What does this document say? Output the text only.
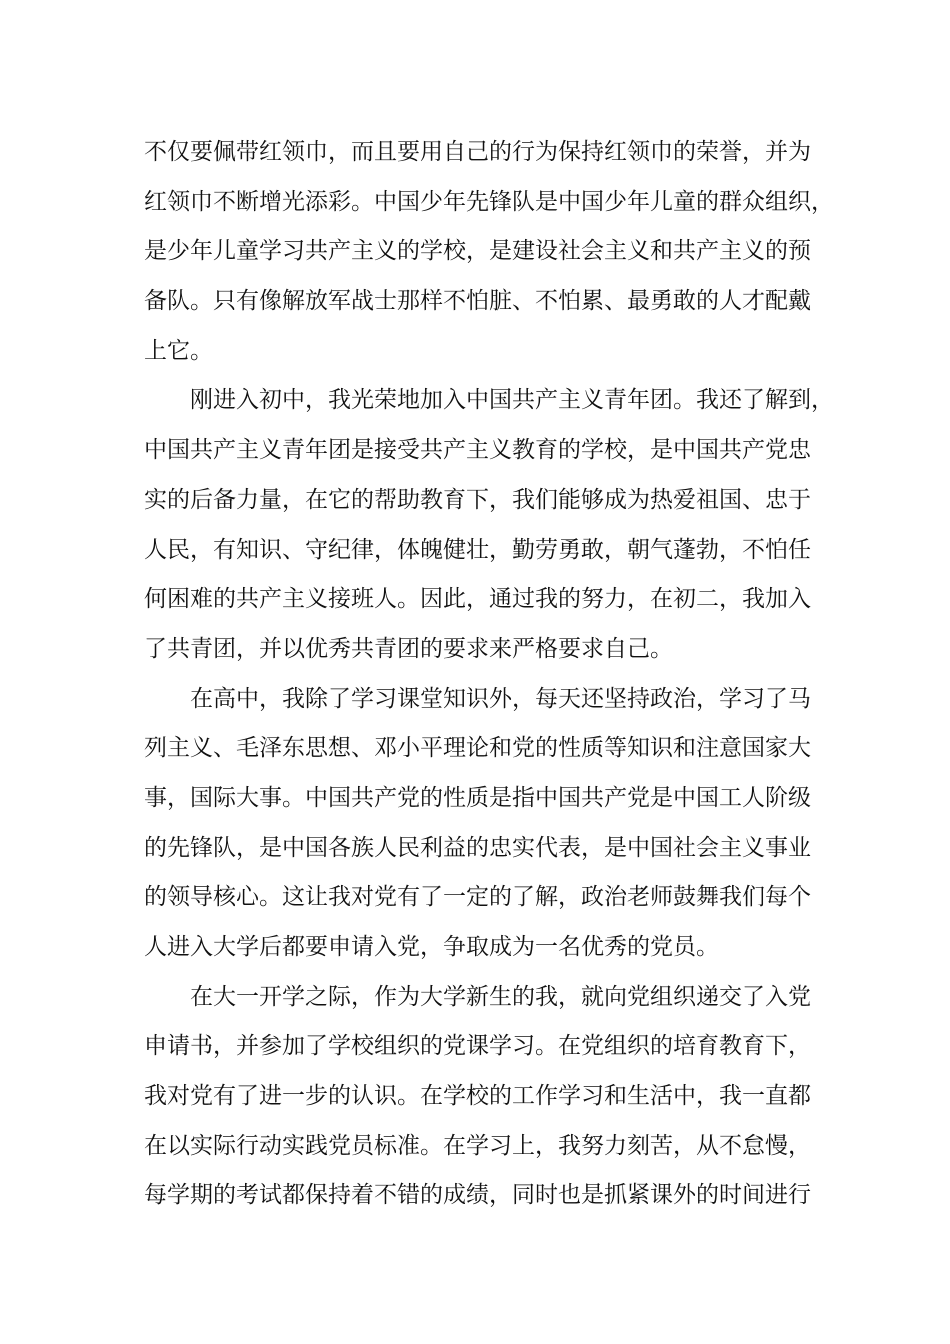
不仅要佩带红领巾，而且要用自己的行为保持红领巾的荣誉，并为
红领巾不断增光添彩。中国少年先锋队是中国少年儿童的群众组织，
是少年儿童学习共产主义的学校，是建设社会主义和共产主义的预
备队。只有像解放军战士那样不怕脏、不怕累、最勇敢的人才配戴
上它。
刚进入初中，我光荣地加入中国共产主义青年团。我还了解到，
中国共产主义青年团是接受共产主义教育的学校，是中国共产党忠
实的后备力量，在它的帮助教育下，我们能够成为热爱祖国、忠于
人民，有知识、守纪律，体魄健壮，勤劳勇敢，朝气蓬勃，不怕任
何困难的共产主义接班人。因此，通过我的努力，在初二，我加入
了共青团，并以优秀共青团的要求来严格要求自己。
在高中，我除了学习课堂知识外，每天还坚持政治，学习了马
列主义、毛泽东思想、邓小平理论和党的性质等知识和注意国家大
事，国际大事。中国共产党的性质是指中国共产党是中国工人阶级
的先锋队，是中国各族人民利益的忠实代表，是中国社会主义事业
的领导核心。这让我对党有了一定的了解，政治老师鼓舞我们每个
人进入大学后都要申请入党，争取成为一名优秀的党员。
在大一开学之际，作为大学新生的我，就向党组织递交了入党
申请书，并参加了学校组织的党课学习。在党组织的培育教育下，
我对党有了进一步的认识。在学校的工作学习和生活中，我一直都
在以实际行动实践党员标准。在学习上，我努力刻苦，从不怠慢，
每学期的考试都保持着不错的成绩，同时也是抓紧课外的时间进行
